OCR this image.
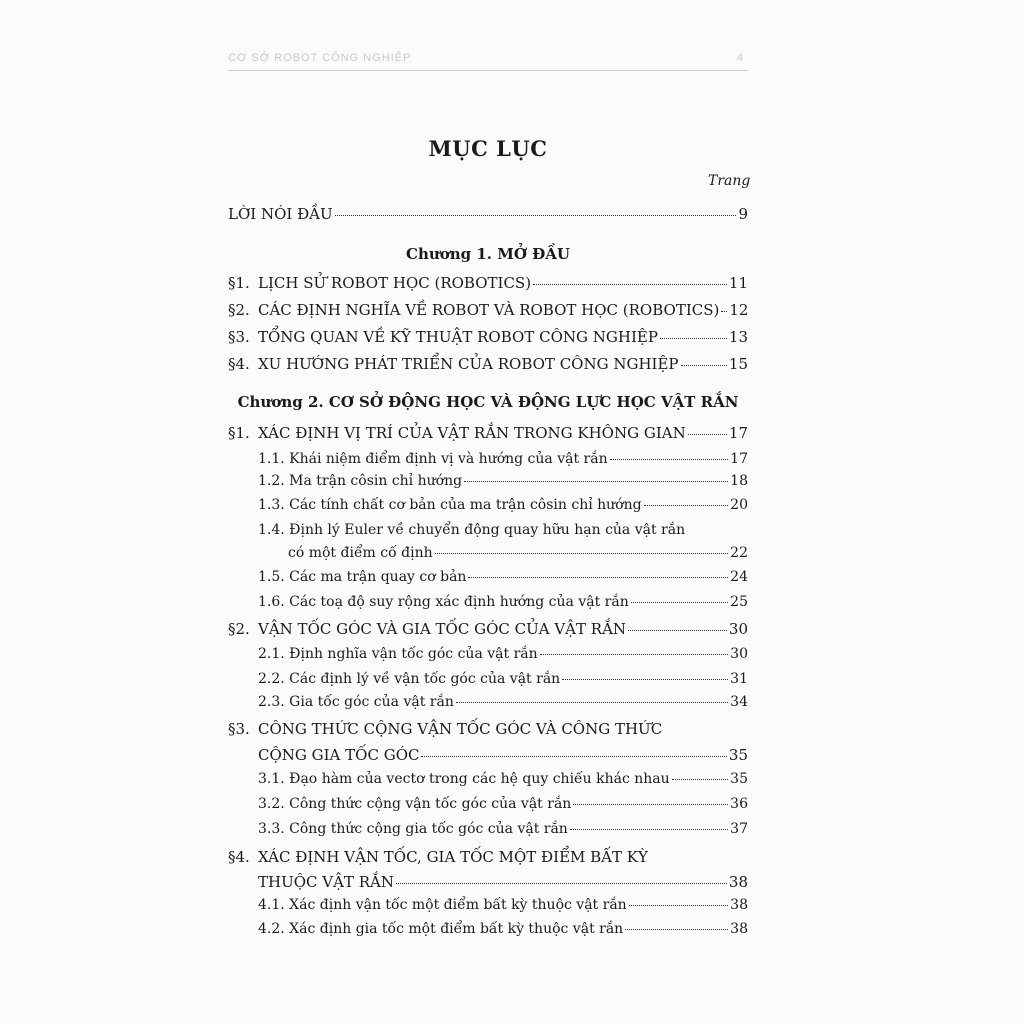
CƠ SỞ ROBOT CÔNG NGHIỆP	4
MỤC LỤC
Trang
LỜI NÓI ĐẦU	9
Chương 1. MỞ ĐẦU
§1. LỊCH SỬ ROBOT HỌC (ROBOTICS)	11
§2. CÁC ĐỊNH NGHĨA VỀ ROBOT VÀ ROBOT HỌC (ROBOTICS) 12
§3. TỔNG QUAN VỀ KỸ THUẬT ROBOT CÔNG NGHIỆP	13
§4. XU HƯỚNG PHÁT TRIỂN CỦA ROBOT CÔNG NGHIỆP	15
Chương 2. CƠ SỞ ĐỘNG HỌC VÀ ĐỘNG LỰC HỌC VẬT RẮN
§1. XÁC ĐỊNH VỊ TRÍ CỦA VẬT RẮN TRONG KHÔNG GIAN	17
1.1. Khái niệm điểm định vị và hướng của vật rắn	17
1.2. Ma trận côsin chỉ hướng	18
1.3. Các tính chất cơ bản của ma trận côsin chỉ hướng	20
1.4. Định lý Euler về chuyển động quay hữu hạn của vật rắn
có một điểm cố định	22
1.5. Các ma trận quay cơ bản	24
1.6. Các toạ độ suy rộng xác định hướng của vật rắn	25
§2. VẬN TỐC GÓC VÀ GIA TỐC GÓC CỦA VẬT RẮN	30
2.1. Định nghĩa vận tốc góc của vật rắn	30
2.2. Các định lý về vận tốc góc của vật rắn	31
2.3. Gia tốc góc của vật rắn	34
§3. CÔNG THỨC CỘNG VẬN TỐC GÓC VÀ CÔNG THỨC
CỘNG GIA TỐC GÓC	35
3.1. Đạo hàm của vectơ trong các hệ quy chiếu khác nhau	35
3.2. Công thức cộng vận tốc góc của vật rắn	36
3.3. Công thức cộng gia tốc góc của vật rắn	37
§4. XÁC ĐỊNH VẬN TỐC, GIA TỐC MỘT ĐIỂM BẤT KỲ
THUỘC VẬT RẮN	38
4.1. Xác định vận tốc một điểm bất kỳ thuộc vật rắn	38
4.2. Xác định gia tốc một điểm bất kỳ thuộc vật rắn	38
